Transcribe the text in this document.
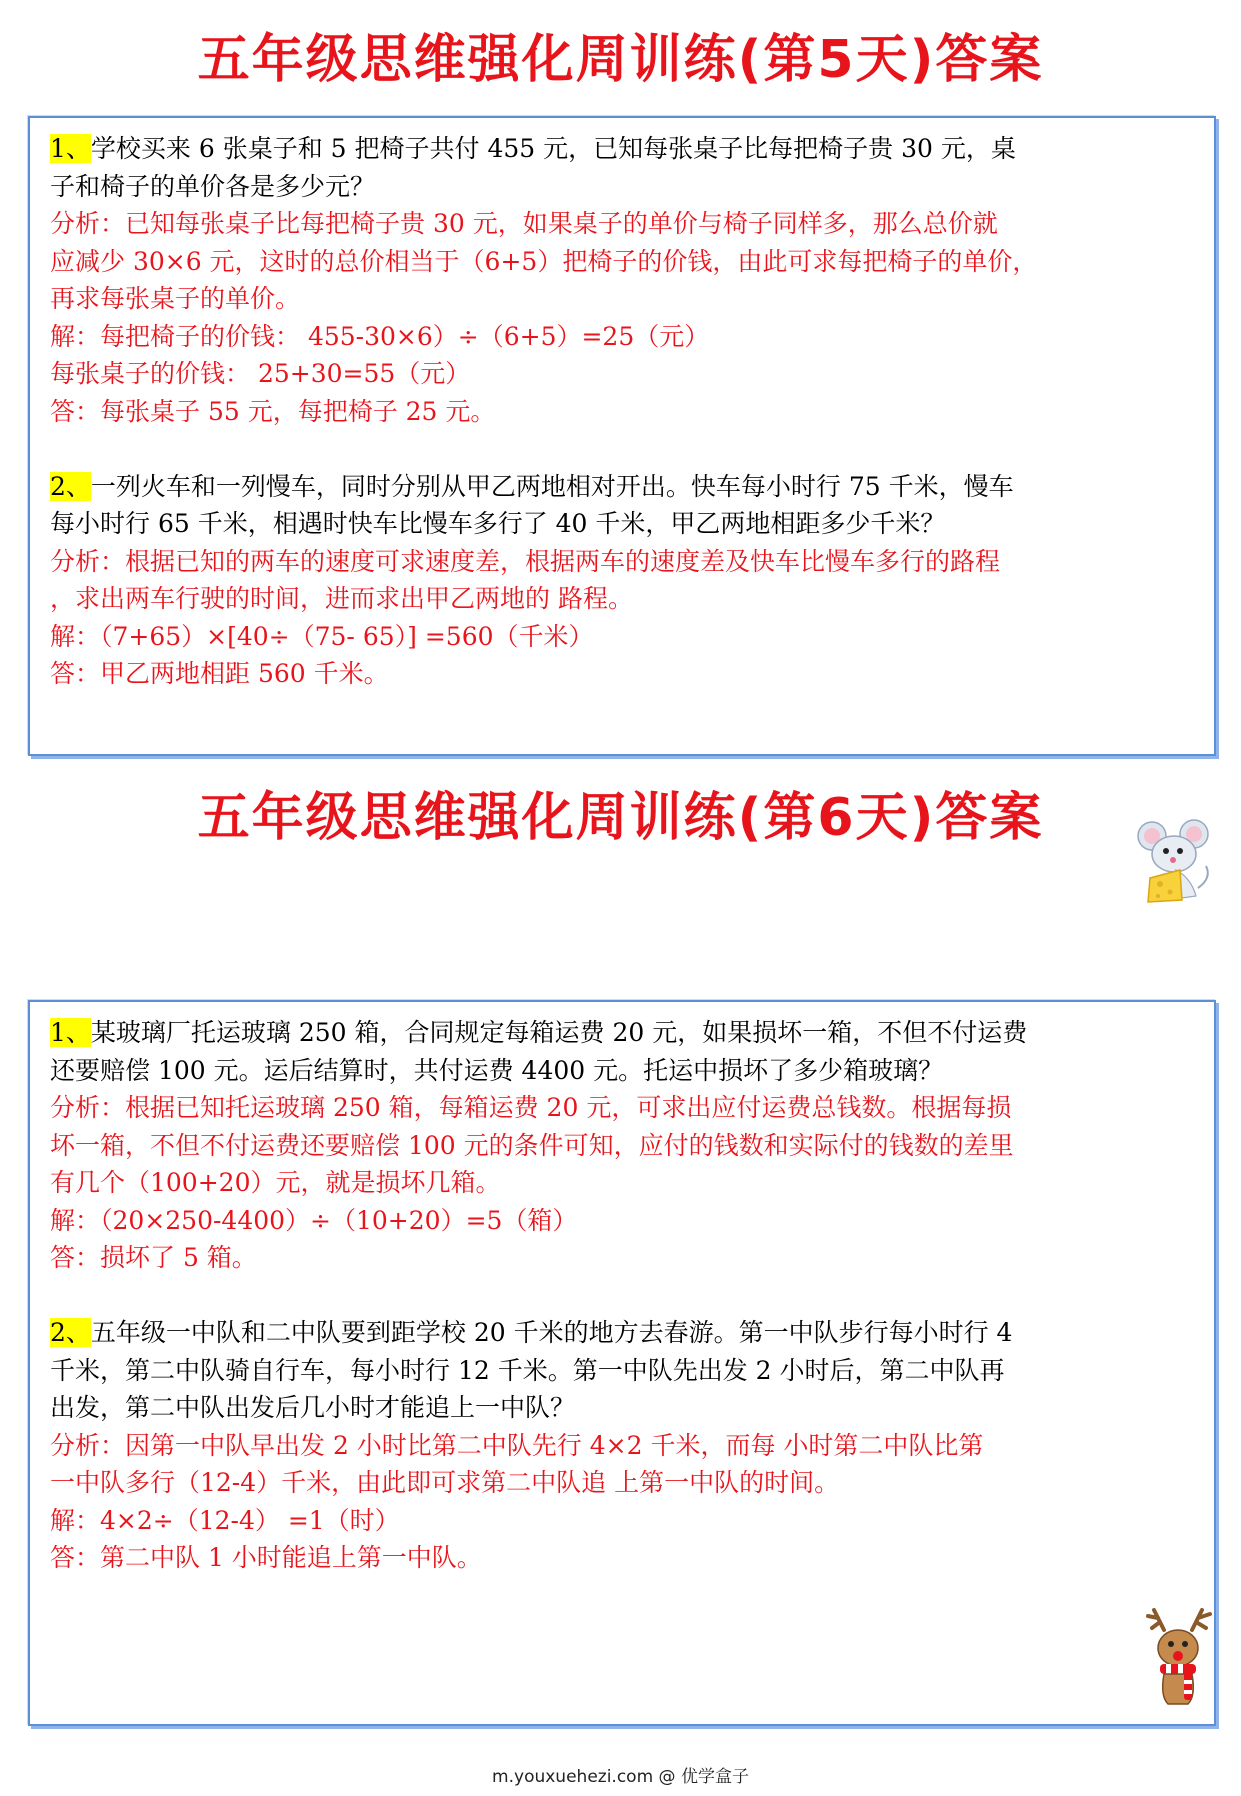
五年级思维强化周训练(第5天)答案
1、学校买来 6 张桌子和 5 把椅子共付 455 元，已知每张桌子比每把椅子贵 30 元，桌
子和椅子的单价各是多少元？
分析：已知每张桌子比每把椅子贵 30 元，如果桌子的单价与椅子同样多，那么总价就
应减少 30×6 元，这时的总价相当于（6+5）把椅子的价钱，由此可求每把椅子的单价，
再求每张桌子的单价。
解：每把椅子的价钱： 455-30×6）÷（6+5）=25（元）
每张桌子的价钱： 25+30=55（元）
答：每张桌子 55 元，每把椅子 25 元。
2、一列火车和一列慢车，同时分别从甲乙两地相对开出。快车每小时行 75 千米，慢车
每小时行 65 千米，相遇时快车比慢车多行了 40 千米，甲乙两地相距多少千米？
分析：根据已知的两车的速度可求速度差，根据两车的速度差及快车比慢车多行的路程
，求出两车行驶的时间，进而求出甲乙两地的 路程。
解：（7+65）×[40÷（75- 65）] =560（千米）
答：甲乙两地相距 560 千米。
五年级思维强化周训练(第6天)答案
1、某玻璃厂托运玻璃 250 箱，合同规定每箱运费 20 元，如果损坏一箱，不但不付运费
还要赔偿 100 元。运后结算时，共付运费 4400 元。托运中损坏了多少箱玻璃？
分析：根据已知托运玻璃 250 箱，每箱运费 20 元，可求出应付运费总钱数。根据每损
坏一箱，不但不付运费还要赔偿 100 元的条件可知，应付的钱数和实际付的钱数的差里
有几个（100+20）元，就是损坏几箱。
解：（20×250-4400）÷（10+20）=5（箱）
答：损坏了 5 箱。
2、五年级一中队和二中队要到距学校 20 千米的地方去春游。第一中队步行每小时行 4
千米，第二中队骑自行车，每小时行 12 千米。第一中队先出发 2 小时后，第二中队再
出发，第二中队出发后几小时才能追上一中队？
分析：因第一中队早出发 2 小时比第二中队先行 4×2 千米，而每 小时第二中队比第
一中队多行（12-4）千米，由此即可求第二中队追 上第一中队的时间。
解：4×2÷（12-4） =1（时）
答：第二中队 1 小时能追上第一中队。
m.youxuehezi.com @ 优学盒子
